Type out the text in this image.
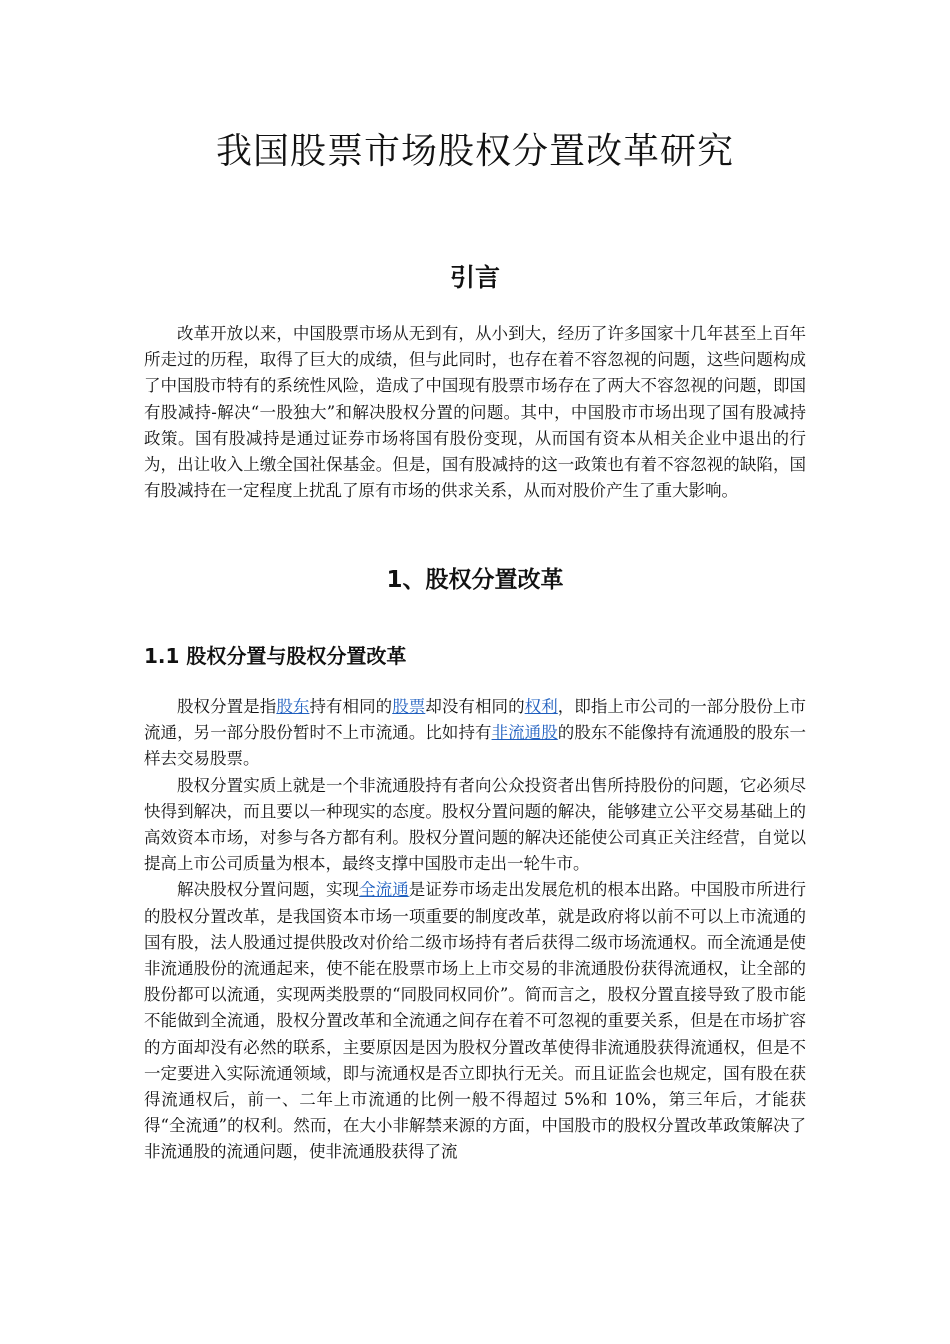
我国股票市场股权分置改革研究
引言

改革开放以来，中国股票市场从无到有，从小到大，经历了许多国家十几年甚至上百年所走过的历程，取得了巨大的成绩，但与此同时，也存在着不容忽视的问题，这些问题构成了中国股市特有的系统性风险，造成了中国现有股票市场存在了两大不容忽视的问题，即国有股减持-解决“一股独大”和解决股权分置的问题。其中，中国股市市场出现了国有股减持政策。国有股减持是通过证券市场将国有股份变现，从而国有资本从相关企业中退出的行为，出让收入上缴全国社保基金。但是，国有股减持的这一政策也有着不容忽视的缺陷，国有股减持在一定程度上扰乱了原有市场的供求关系，从而对股价产生了重大影响。

1、股权分置改革
1.1 股权分置与股权分置改革

股权分置是指股东持有相同的股票却没有相同的权利，即指上市公司的一部分股份上市流通，另一部分股份暂时不上市流通。比如持有非流通股的股东不能像持有流通股的股东一样去交易股票。

股权分置实质上就是一个非流通股持有者向公众投资者出售所持股份的问题，它必须尽快得到解决，而且要以一种现实的态度。股权分置问题的解决，能够建立公平交易基础上的高效资本市场，对参与各方都有利。股权分置问题的解决还能使公司真正关注经营，自觉以提高上市公司质量为根本，最终支撑中国股市走出一轮牛市。

解决股权分置问题，实现全流通是证券市场走出发展危机的根本出路。中国股市所进行的股权分置改革，是我国资本市场一项重要的制度改革，就是政府将以前不可以上市流通的国有股，法人股通过提供股改对价给二级市场持有者后获得二级市场流通权。而全流通是使非流通股份的流通起来，使不能在股票市场上上市交易的非流通股份获得流通权，让全部的股份都可以流通，实现两类股票的“同股同权同价”。简而言之，股权分置直接导致了股市能不能做到全流通，股权分置改革和全流通之间存在着不可忽视的重要关系，但是在市场扩容的方面却没有必然的联系，主要原因是因为股权分置改革使得非流通股获得流通权，但是不一定要进入实际流通领域，即与流通权是否立即执行无关。而且证监会也规定，国有股在获得流通权后，前一、二年上市流通的比例一般不得超过 5%和 10%，第三年后，才能获得“全流通”的权利。然而，在大小非解禁来源的方面，中国股市的股权分置改革政策解决了非流通股的流通问题，使非流通股获得了流
